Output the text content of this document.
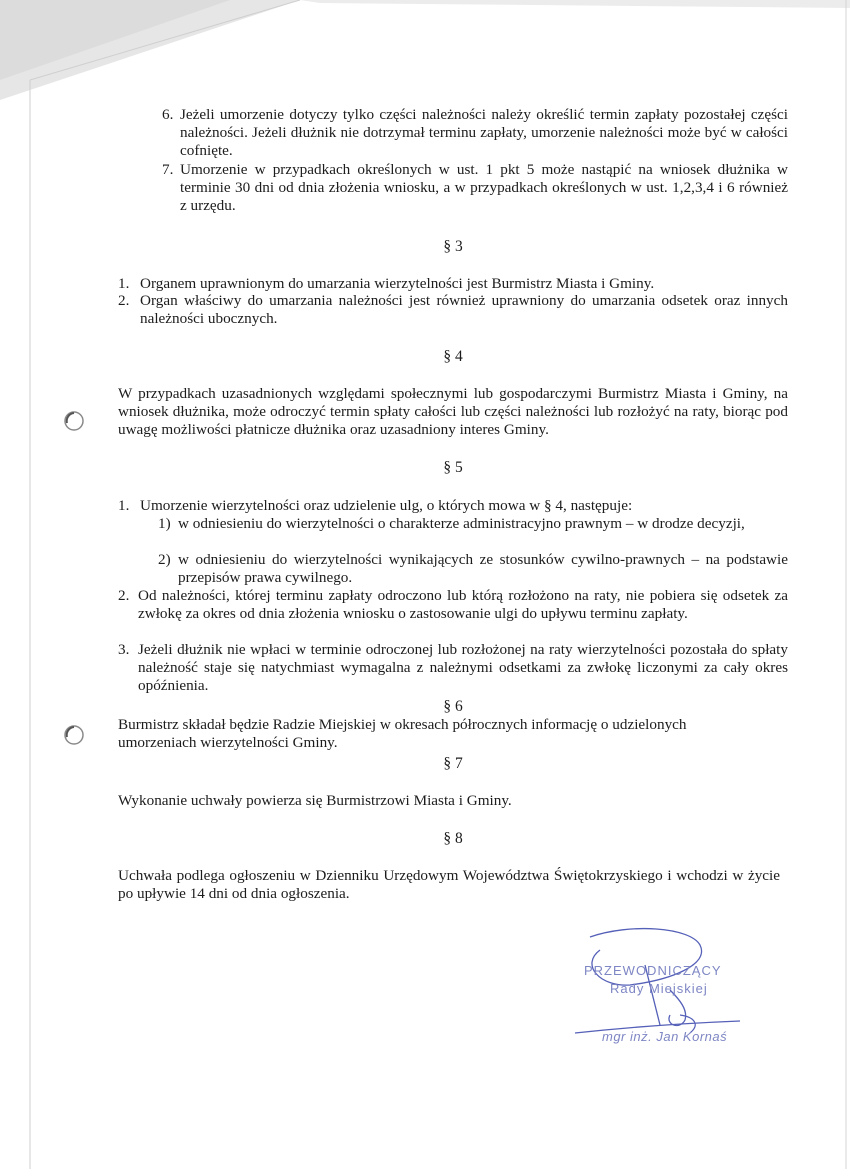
6. Jeżeli umorzenie dotyczy tylko części należności należy określić termin zapłaty pozostałej części należności. Jeżeli dłużnik nie dotrzymał terminu zapłaty, umorzenie należności może być w całości cofnięte.
7. Umorzenie w przypadkach określonych w ust. 1 pkt 5 może nastąpić na wniosek dłużnika w terminie 30 dni od dnia złożenia wniosku, a w przypadkach określonych w ust. 1,2,3,4 i 6 również z urzędu.
§ 3
1. Organem uprawnionym do umarzania wierzytelności jest Burmistrz Miasta i Gminy.
2. Organ właściwy do umarzania należności jest również uprawniony do umarzania odsetek oraz innych należności ubocznych.
§ 4
W przypadkach uzasadnionych względami społecznymi lub gospodarczymi Burmistrz Miasta i Gminy, na wniosek dłużnika, może odroczyć termin spłaty całości lub części należności lub rozłożyć na raty, biorąc pod uwagę możliwości płatnicze dłużnika oraz uzasadniony interes Gminy.
§ 5
1. Umorzenie wierzytelności oraz udzielenie ulg, o których mowa w § 4, następuje:
1) w odniesieniu do wierzytelności o charakterze administracyjno prawnym – w drodze decyzji,
2) w odniesieniu do wierzytelności wynikających ze stosunków cywilno-prawnych – na podstawie przepisów prawa cywilnego.
2. Od należności, której terminu zapłaty odroczono lub którą rozłożono na raty, nie pobiera się odsetek za zwłokę za okres od dnia złożenia wniosku o zastosowanie ulgi do upływu terminu zapłaty.
3. Jeżeli dłużnik nie wpłaci w terminie odroczonej lub rozłożonej na raty wierzytelności pozostała do spłaty należność staje się natychmiast wymagalna z należnymi odsetkami za zwłokę liczonymi za cały okres opóźnienia.
§ 6
Burmistrz składał będzie Radzie Miejskiej w okresach półrocznych informację o udzielonych umorzeniach wierzytelności Gminy.
§ 7
Wykonanie uchwały powierza się Burmistrzowi Miasta i Gminy.
§ 8
Uchwała podlega ogłoszeniu w Dzienniku Urzędowym Województwa Świętokrzyskiego i wchodzi w życie po upływie 14 dni od dnia ogłoszenia.
PRZEWODNICZĄCY
Rady Miejskiej
mgr inż. Jan Kornaś
